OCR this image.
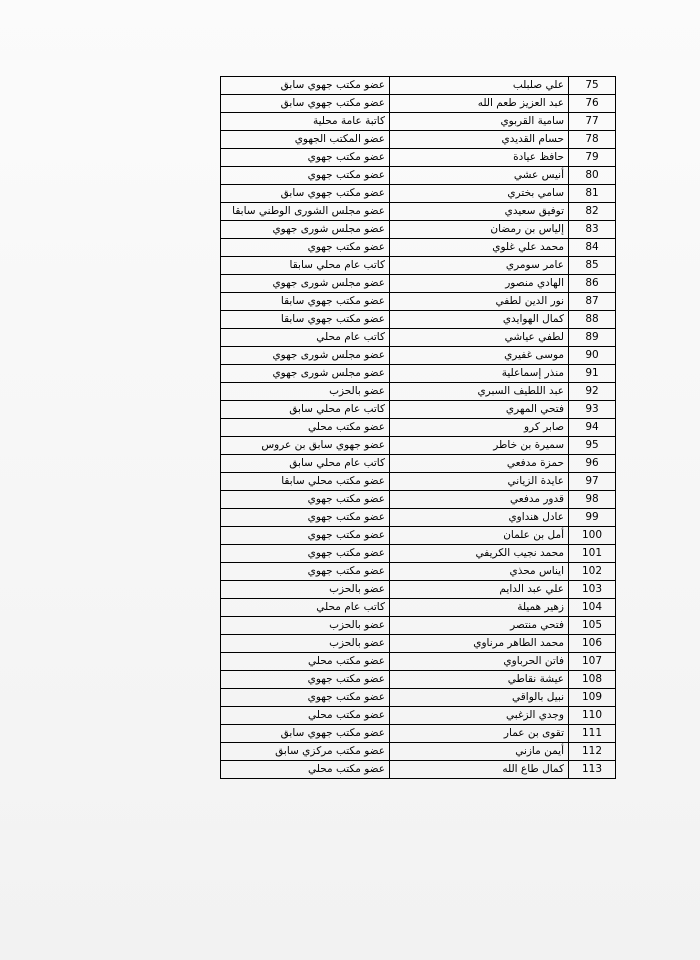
75	علي صلبلب	عضو مكتب جهوي سابق
76	عبد العزيز طعم الله	عضو مكتب جهوي سابق
77	سامية القربوي	كاتبة عامة محلية
78	حسام القديدي	عضو المكتب الجهوي
79	حافظ عيادة	عضو مكتب جهوي
80	أنيس عشي	عضو مكتب جهوي
81	سامي بختري	عضو مكتب جهوي سابق
82	توفيق سعيدي	عضو مجلس الشورى الوطني سابقا
83	إلياس بن رمضان	عضو مجلس شورى جهوي
84	محمد علي غلوي	عضو مكتب جهوي
85	عامر سومري	كاتب عام محلي سابقا
86	الهادي منصور	عضو مجلس شورى جهوي
87	نور الدين لطفي	عضو مكتب جهوي سابقا
88	كمال الهوايدي	عضو مكتب جهوي سابقا
89	لطفي عياشي	كاتب عام محلي
90	موسى غفيري	عضو مجلس شورى جهوي
91	منذر إسماعلية	عضو مجلس شورى جهوي
92	عبد اللطيف السبري	عضو بالحزب
93	فتحي المهري	كاتب عام محلي سابق
94	صابر كرو	عضو مكتب محلي
95	سميرة بن خاطر	عضو جهوي سابق بن عروس
96	حمزة مدفعي	كاتب عام محلي سابق
97	عايدة الزياني	عضو مكتب محلي سابقا
98	قدور مدفعي	عضو مكتب جهوي
99	عادل هنداوي	عضو مكتب جهوي
100	أمل بن علمان	عضو مكتب جهوي
101	محمد نجيب الكريفي	عضو مكتب جهوي
102	ايناس محذي	عضو مكتب جهوي
103	علي عبد الدايم	عضو بالحزب
104	زهير هميلة	كاتب عام محلي
105	فتحي منتصر	عضو بالحزب
106	محمد الطاهر مرناوي	عضو بالحزب
107	فاتن الحرباوي	عضو مكتب محلي
108	عيشة نقاطي	عضو مكتب جهوي
109	نبيل بالواقي	عضو مكتب جهوي
110	وجدي الزغبي	عضو مكتب محلي
111	تقوى بن عمار	عضو مكتب جهوي سابق
112	أيمن مازني	عضو مكتب مركزي سابق
113	كمال طاع الله	عضو مكتب محلي
